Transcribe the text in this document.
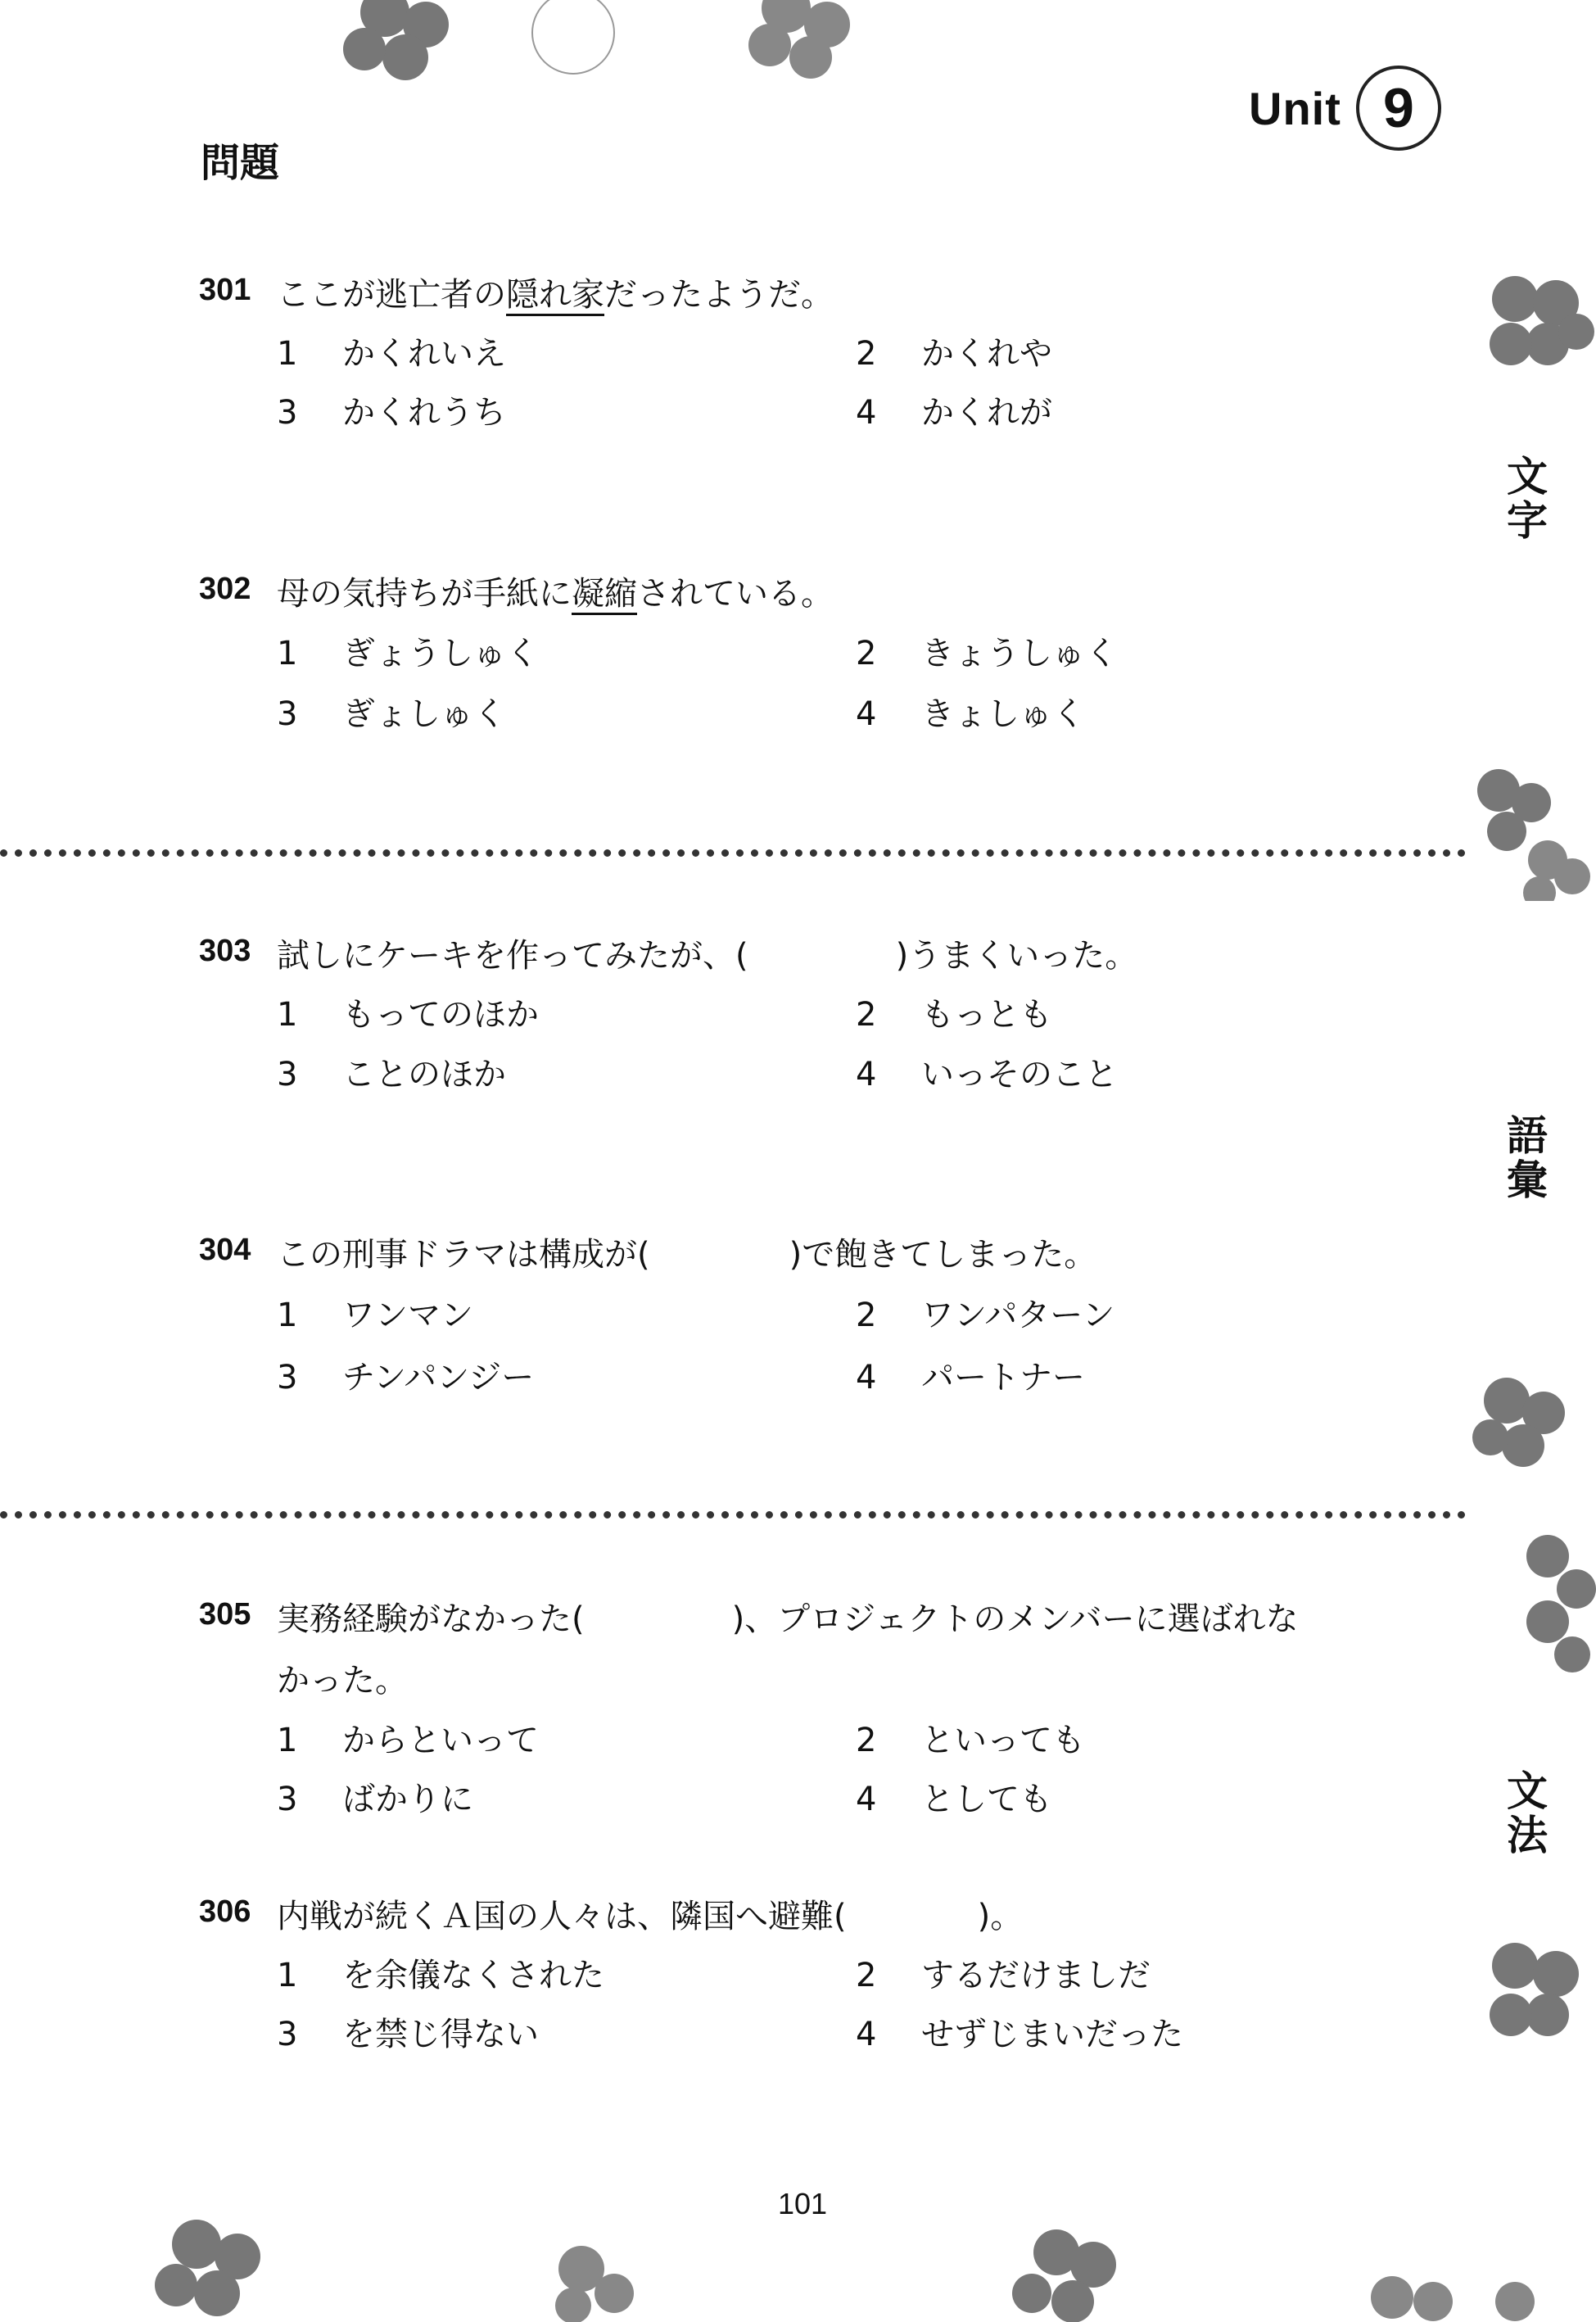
Unit 9
問題
文
字
語
彙
文
法
301 ここが逃亡者の隠れ家だったようだ。
1 かくれいえ	2 かくれや
3 かくれうち	4 かくれが
302 母の気持ちが手紙に凝縮されている。
1 ぎょうしゅく	2 きょうしゅく
3 ぎょしゅく	4 きょしゅく
303 試しにケーキを作ってみたが、(	)うまくいった。
1 もってのほか	2 もっとも
3 ことのほか	4 いっそのこと
304 この刑事ドラマは構成が(	)で飽きてしまった。
1 ワンマン	2 ワンパターン
3 チンパンジー	4 パートナー
305 実務経験がなかった(	)、プロジェクトのメンバーに選ばれな
かった。
1 からといって	2 といっても
3 ばかりに	4 としても
306 内戦が続くＡ国の人々は、隣国へ避難(	)。
1 を余儀なくされた	2 するだけましだ
3 を禁じ得ない	4 せずじまいだった
101
